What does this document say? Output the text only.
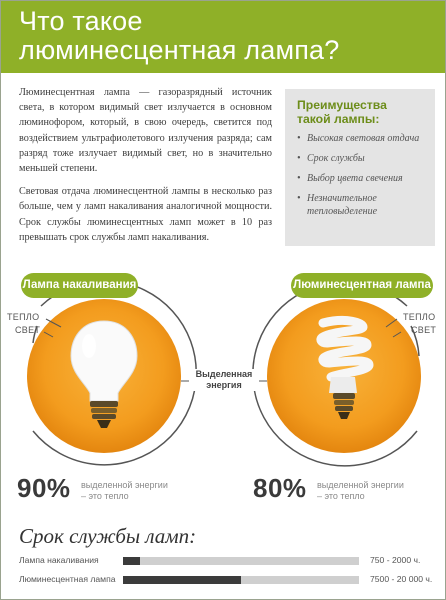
Что такое
люминесцентная лампа?

Люминесцентная лампа — газоразрядный источник света, в котором видимый свет излучается в основном люминофором, который, в свою очередь, светится под воздействием ультрафиолетового излучения разряда; сам разряд тоже излучает видимый свет, но в значительно меньшей степени.

Световая отдача люминесцентной лампы в несколько раз больше, чем у ламп накаливания аналогичной мощности. Срок службы люминесцентных ламп может в 10 раз превышать срок службы ламп накаливания.

Преимущества
такой лампы:
• Высокая световая отдача
• Срок службы
• Выбор цвета свечения
• Незначительное тепловыделение
Лампа накаливания	Люминесцентная лампа
ТЕПЛО
СВЕТ
ТЕПЛО
СВЕТ
Выделенная
энергия
90% выделенной энергии
– это тепло	80% выделенной энергии
– это тепло
Срок службы ламп:
Лампа накаливания	750 - 2000 ч.
Люминесцентная лампа	7500 - 20 000 ч.
